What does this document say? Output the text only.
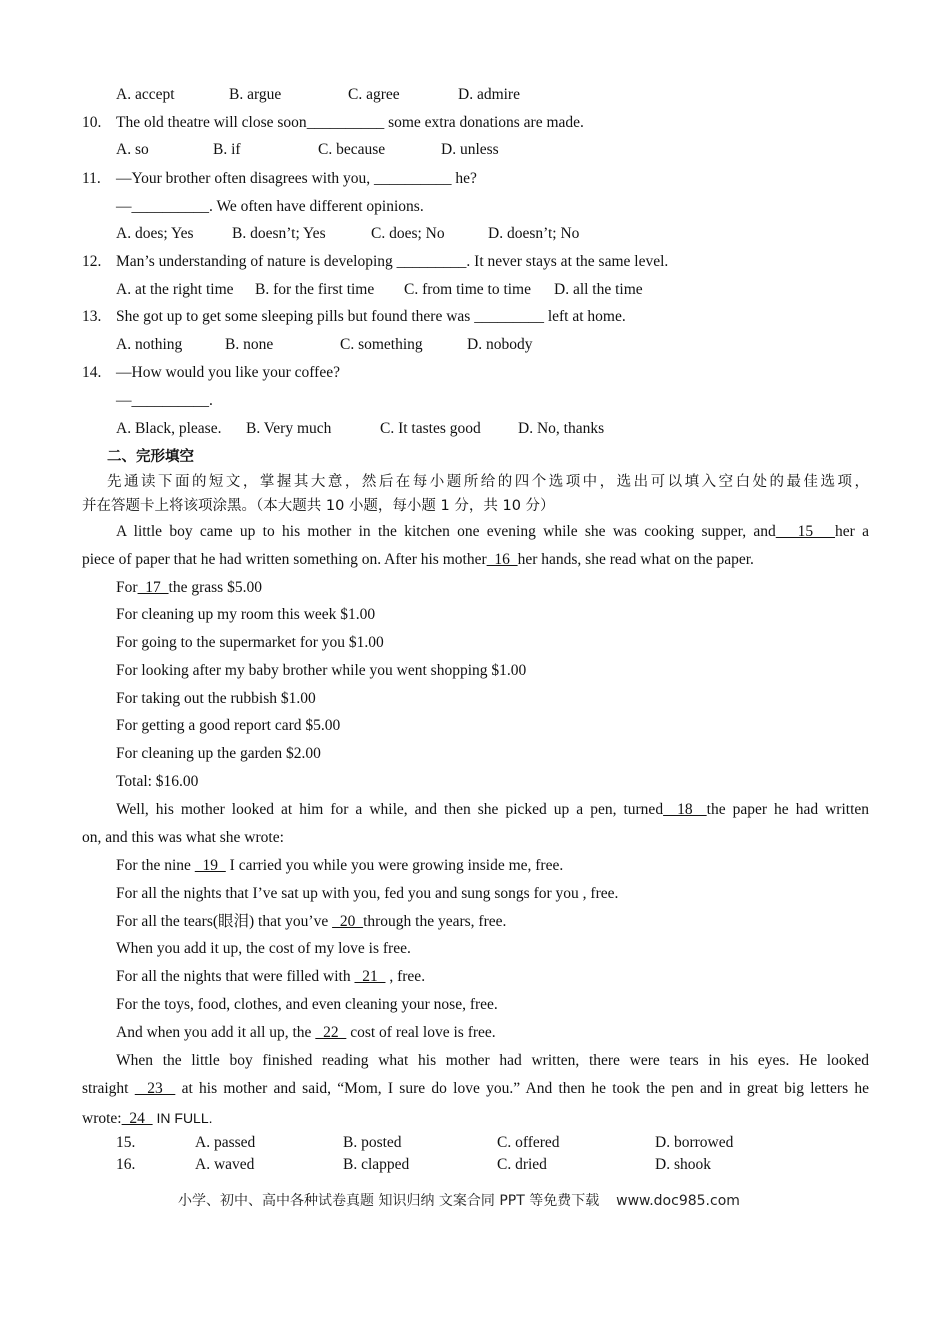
A. accept	B. argue	C. agree	D. admire
10. The old theatre will close soon__________ some extra donations are made.
A. so	B. if	C. because	D. unless
11. —Your brother often disagrees with you, __________ he?
—__________. We often have different opinions.
A. does; Yes B. doesn’t; Yes	C. does; No	D. doesn’t; No
12. Man’s understanding of nature is developing _________. It never stays at the same level.
A. at the right time B. for the first time C. from time to time D. all the time
13. She got up to get some sleeping pills but found there was _________ left at home.
A. nothing	B. none	C. something	D. nobody
14. —How would you like your coffee?
—__________.
A. Black, please. B. Very much	C. It tastes good D. No, thanks
二、完形填空
先通读下面的短文，掌握其大意，然后在每小题所给的四个选项中，选出可以填入空白处的最佳选项，
并在答题卡上将该项涂黑。（本大题共 10 小题，每小题 1 分，共 10 分）
A little boy came up to his mother in the kitchen one evening while she was cooking supper, and   15   her a
piece of paper that he had written something on. After his mother  16  her hands, she read what on the paper.
For  17  the grass $5.00
For cleaning up my room this week $1.00
For going to the supermarket for you $1.00
For looking after my baby brother while you went shopping $1.00
For taking out the rubbish $1.00
For getting a good report card $5.00
For cleaning up the garden $2.00
Total: $16.00
Well, his mother looked at him for a while, and then she picked up a pen, turned  18  the paper he had written
on, and this was what she wrote:
For the nine   19   I carried you while you were growing inside me, free.
For all the nights that I’ve sat up with you, fed you and sung songs for you , free.
For all the tears(眼泪) that you’ve   20  through the years, free.
When you add it up, the cost of my love is free.
For all the nights that were filled with   21   , free.
For the toys, food, clothes, and even cleaning your nose, free.
And when you add it all up, the   22   cost of real love is free.
When the little boy finished reading what his mother had written, there were tears in his eyes. He looked
straight   23   at his mother and said, “Mom, I sure do love you.” And then he took the pen and in great big letters he
wrote:  24   IN FULL.
15.	A. passed	B. posted	C. offered	D. borrowed
16.	A. waved	B. clapped	C. dried	D. shook
小学、初中、高中各种试卷真题 知识归纳 文案合同 PPT 等免费下载 www.doc985.com
